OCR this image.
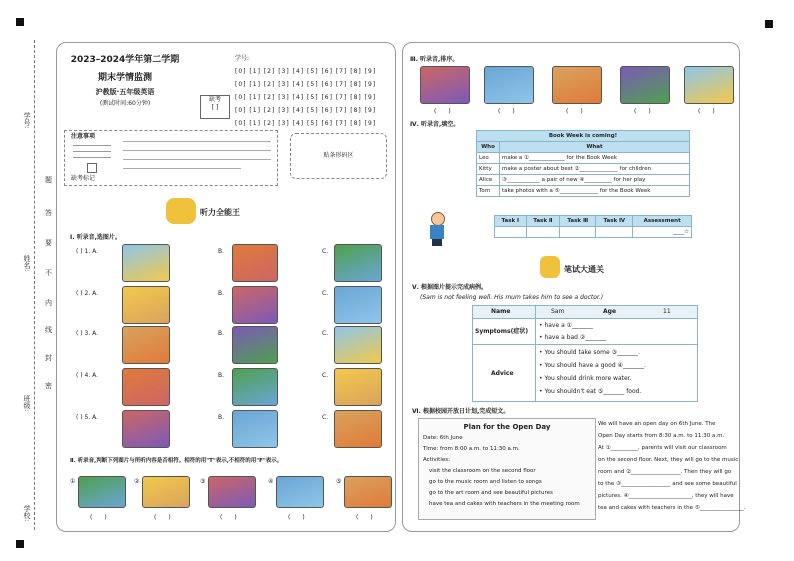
学号:
姓名:
班级:
学校:
题
答
要
不
内
线
封
密
2023–2024学年第二学期
期末学情监测
沪教版·五年级英语
(测试时间:60分钟)
缺考
[ ]
学号:
[0] [1] [2] [3] [4] [5] [6] [7] [8] [9]
[0] [1] [2] [3] [4] [5] [6] [7] [8] [9]
[0] [1] [2] [3] [4] [5] [6] [7] [8] [9]
[0] [1] [2] [3] [4] [5] [6] [7] [8] [9]
[0] [1] [2] [3] [4] [5] [6] [7] [8] [9]
注意事项
缺考标记
贴条形码区
听力全能王
Ⅰ. 听录音,选图片。
( ) 1. A.	B.	C.
( ) 2. A.	B.	C.
( ) 3. A.	B.	C.
( ) 4. A.	B.	C.
( ) 5. A.	B.	C.
Ⅱ. 听录音,判断下列图片与所听内容是否相符。相符的用"T"表示,不相符的用"F"表示。
①
(　　)
②
(　　)
③
(　　)
④
(　　)
⑤
(　　)
Ⅲ. 听录音,排序。
(　　)	(　　)	(　　)	(　　)	(　　)
Ⅳ. 听录音,填空。
Book Week is coming!	
Who	What
Leo	make a ①_____________ for the Book Week
Kitty	make a poster about best ②______________ for children
Alice	③____________ a pair of new ④__________ for her play
Tom	take photos with a ⑤______________ for the Book Week
Task Ⅰ	Task Ⅱ	Task Ⅲ	Task Ⅳ	Assessment
				____☆
笔试大通关
Ⅴ. 根据图片提示完成病例。
(Sam is not feeling well. His mum takes him to see a doctor.)
Name	Sam	Age	11
Symptoms(症状)
• have a ①_______
• have a bad ②_______
Advice
• You should take some ③_______.
• You should have a good ④_______.
• You should drink more water.
• You shouldn't eat ⑤_______ food.
Ⅵ. 根据校园开放日计划,完成短文。
Plan for the Open Day
Date: 6th June
Time: from 8:00 a.m. to 11:30 a.m.
Activities:
visit the classroom on the second floor
go to the music room and listen to songs
go to the art room and see beautiful pictures
have tea and cakes with teachers in the meeting room
We will have an open day on 6th June. The
Open Day starts from 8:30 a.m. to 11:30 a.m.
At ①__________, parents will visit our classroom
on the second floor. Next, they will go to the music
room and ②__________________. Then they will go
to the ③__________________ and see some beautiful
pictures. ④_______________________, they will have
tea and cakes with teachers in the ⑤________________.
